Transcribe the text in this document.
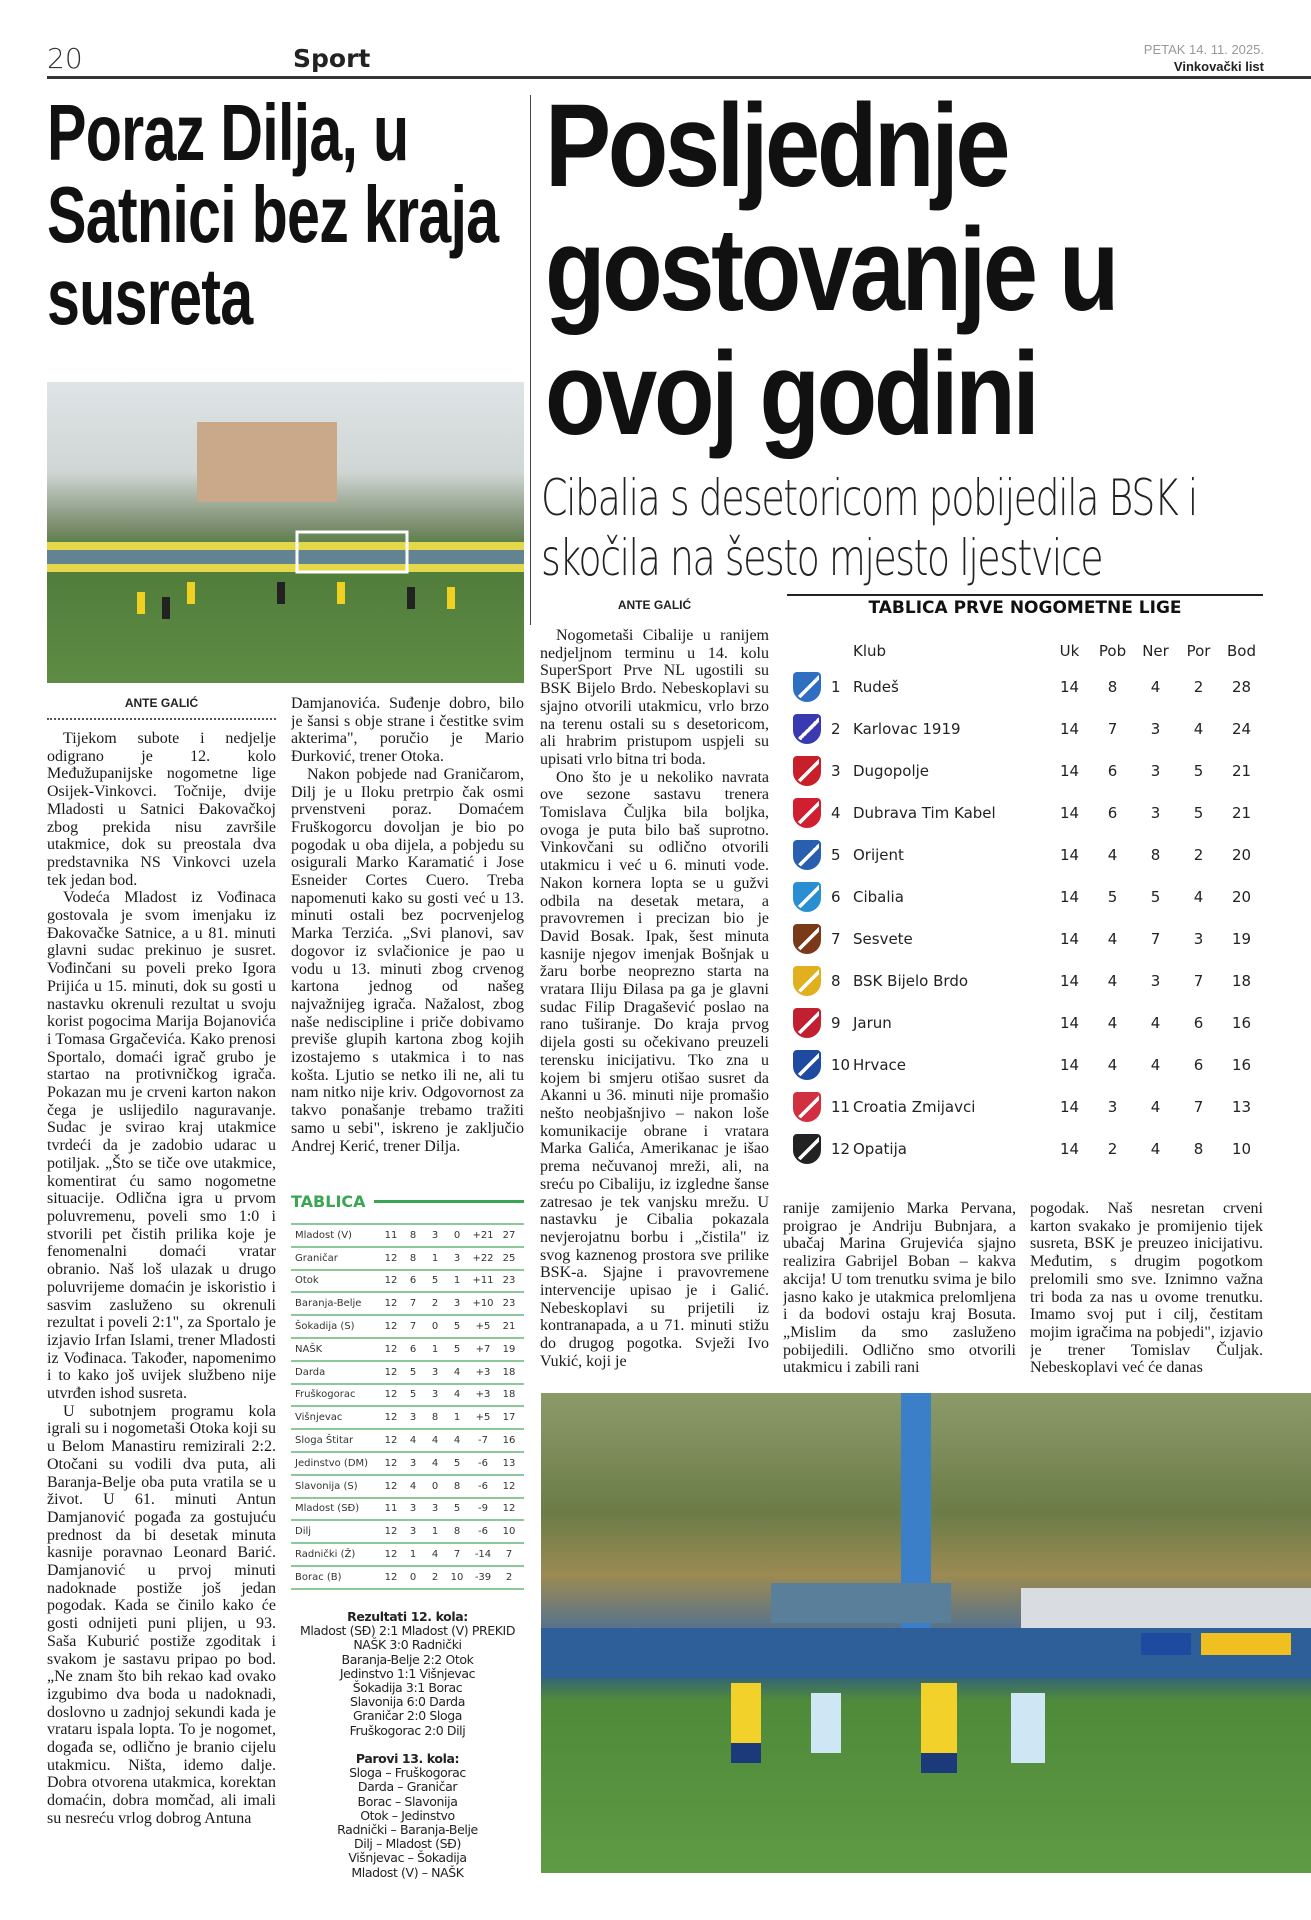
20	Sport	PETAK 14. 11. 2025.
Vinkovački list
Poraz Dilja, u Satnici bez kraja susreta
Posljednje gostovanje u ovoj godini
Cibalia s desetoricom pobijedila BSK i skočila na šesto mjesto ljestvice
ANTE GALIĆ

Tijekom subote i nedjelje odigrano je 12. kolo Međužupanijske nogometne lige Osijek-Vinkovci. Točnije, dvije Mladosti u Satnici Đakovačkoj zbog prekida nisu završile utakmice, dok su preostala dva predstavnika NS Vinkovci uzela tek jedan bod.

Vodeća Mladost iz Vođinaca gostovala je svom imenjaku iz Đakovačke Satnice, a u 81. minuti glavni sudac prekinuo je susret. Vođinčani su poveli preko Igora Prijića u 15. minuti, dok su gosti u nastavku okrenuli rezultat u svoju korist pogocima Marija Bojanovića i Tomasa Grgačevića. Kako prenosi Sportalo, domaći igrač grubo je startao na protivničkog igrača. Pokazan mu je crveni karton nakon čega je uslijedilo naguravanje. Sudac je svirao kraj utakmice tvrdeći da je zadobio udarac u potiljak. „Što se tiče ove utakmice, komentirat ću samo nogometne situacije. Odlična igra u prvom poluvremenu, poveli smo 1:0 i stvorili pet čistih prilika koje je fenomenalni domaći vratar obranio. Naš loš ulazak u drugo poluvrijeme domaćin je iskoristio i sasvim zasluženo su okrenuli rezultat i poveli 2:1", za Sportalo je izjavio Irfan Islami, trener Mladosti iz Vođinaca. Također, napomenimo i to kako još uvijek službeno nije utvrđen ishod susreta.

U subotnjem programu kola igrali su i nogometaši Otoka koji su u Belom Manastiru remizirali 2:2. Otočani su vodili dva puta, ali Baranja-Belje oba puta vratila se u život. U 61. minuti Antun Damjanović pogađa za gostujuću prednost da bi desetak minuta kasnije poravnao Leonard Barić. Damjanović u prvoj minuti nadoknade postiže još jedan pogodak. Kada se činilo kako će gosti odnijeti puni plijen, u 93. Saša Kuburić postiže zgoditak i svakom je sastavu pripao po bod. „Ne znam što bih rekao kad ovako izgubimo dva boda u nadoknadi, doslovno u zadnjoj sekundi kada je vrataru ispala lopta. To je nogomet, događa se, odlično je branio cijelu utakmicu. Ništa, idemo dalje. Dobra otvorena utakmica, korektan domaćin, dobra momčad, ali imali su nesreću vrlog dobrog Antuna

Damjanovića. Suđenje dobro, bilo je šansi s obje strane i čestitke svim akterima", poručio je Mario Đurković, trener Otoka.

Nakon pobjede nad Graničarom, Dilj je u Iloku pretrpio čak osmi prvenstveni poraz. Domaćem Fruškogorcu dovoljan je bio po pogodak u oba dijela, a pobjedu su osigurali Marko Karamatić i Jose Esneider Cortes Cuero. Treba napomenuti kako su gosti već u 13. minuti ostali bez pocrvenjelog Marka Terzića. „Svi planovi, sav dogovor iz svlačionice je pao u vodu u 13. minuti zbog crvenog kartona jednog od našeg najvažnijeg igrača. Nažalost, zbog naše nediscipline i priče dobivamo previše glupih kartona zbog kojih izostajemo s utakmica i to nas košta. Ljutio se netko ili ne, ali tu nam nitko nije kriv. Odgovornost za takvo ponašanje trebamo tražiti samo u sebi", iskreno je zaključio Andrej Kerić, trener Dilja.

TABLICA
Mladost (V)	11	8	3	0	+21 27
Graničar	12	8	1	3	+22 25
Otok	12	6	5	1	+11 23
Baranja-Belje	12	7	2	3	+10 23
Šokadija (S)	12	7	0	5	+5	21
NAŠK	12	6	1	5	+7	19
Darda	12	5	3	4	+3	18
Fruškogorac	12	5	3	4	+3	18
Višnjevac	12	3	8	1	+5	17
Sloga Štitar	12	4	4	4	-7	16
Jedinstvo (DM)	12	3	4	5	-6	13
Slavonija (S)	12	4	0	8	-6	12
Mladost (SĐ)	11	3	3	5	-9	12
Dilj	12	3	1	8	-6	10
Radnički (Ž)	12	1	4	7	-14	7
Borac (B)	12	0	2	10	-39	2
Rezultati 12. kola:
Mladost (SĐ) 2:1 Mladost (V) PREKID
NAŠK 3:0 Radnički
Baranja-Belje 2:2 Otok
Jedinstvo 1:1 Višnjevac
Šokadija 3:1 Borac
Slavonija 6:0 Darda
Graničar 2:0 Sloga
Fruškogorac 2:0 Dilj

Parovi 13. kola:
Sloga – Fruškogorac
Darda – Graničar
Borac – Slavonija
Otok – Jedinstvo
Radnički – Baranja-Belje
Dilj – Mladost (SĐ)
Višnjevac – Šokadija
Mladost (V) – NAŠK
ANTE GALIĆ	TABLICA PRVE NOGOMETNE LIGE
Klub	Uk	Pob	Ner	Por	Bod
1 Rudeš	14	8	4	2	28
2 Karlovac 1919	14	7	3	4	24
3 Dugopolje	14	6	3	5	21
4 Dubrava Tim Kabel	14	6	3	5	21
5 Orijent	14	4	8	2	20
6 Cibalia	14	5	5	4	20
7 Sesvete	14	4	7	3	19
8 BSK Bijelo Brdo	14	4	3	7	18
9 Jarun	14	4	4	6	16
10 Hrvace	14	4	4	6	16
11 Croatia Zmijavci	14	3	4	7	13
12 Opatija	14	2	4	8	10

Nogometaši Cibalije u ranijem nedjeljnom terminu u 14. kolu SuperSport Prve NL ugostili su BSK Bijelo Brdo. Nebeskoplavi su sjajno otvorili utakmicu, vrlo brzo na terenu ostali su s desetoricom, ali hrabrim pristupom uspjeli su upisati vrlo bitna tri boda.

Ono što je u nekoliko navrata ove sezone sastavu trenera Tomislava Čuljka bila boljka, ovoga je puta bilo baš suprotno. Vinkovčani su odlično otvorili utakmicu i već u 6. minuti vode. Nakon kornera lopta se u gužvi odbila na desetak metara, a pravovremen i precizan bio je David Bosak. Ipak, šest minuta kasnije njegov imenjak Bošnjak u žaru borbe neoprezno starta na vratara Iliju Đilasa pa ga je glavni sudac Filip Dragašević poslao na rano tuširanje. Do kraja prvog dijela gosti su očekivano preuzeli terensku inicijativu. Tko zna u kojem bi smjeru otišao susret da Akanni u 36. minuti nije promašio nešto neobjašnjivo – nakon loše komunikacije obrane i vratara Marka Galića, Amerikanac je išao prema nečuvanoj mreži, ali, na sreću po Cibaliju, iz izgledne šanse zatresao je tek vanjsku mrežu. U nastavku je Cibalia pokazala nevjerojatnu borbu i „čistila" iz svog kaznenog prostora sve prilike BSK-a. Sjajne i pravovremene intervencije upisao je i Galić. Nebeskoplavi su prijetili iz kontranapada, a u 71. minuti stižu do drugog pogotka. Svježi Ivo Vukić, koji je

ranije zamijenio Marka Pervana, proigrao je Andriju Bubnjara, a ubačaj Marina Grujevića sjajno realizira Gabrijel Boban – kakva akcija! U tom trenutku svima je bilo jasno kako je utakmica prelomljena i da bodovi ostaju kraj Bosuta. „Mislim da smo zasluženo pobijedili. Odlično smo otvorili utakmicu i zabili rani

pogodak. Naš nesretan crveni karton svakako je promijenio tijek susreta, BSK je preuzeo inicijativu. Međutim, s drugim pogotkom prelomili smo sve. Iznimno važna tri boda za nas u ovome trenutku. Imamo svoj put i cilj, čestitam mojim igračima na pobjedi", izjavio je trener Tomislav Čuljak. Nebeskoplavi već će danas
